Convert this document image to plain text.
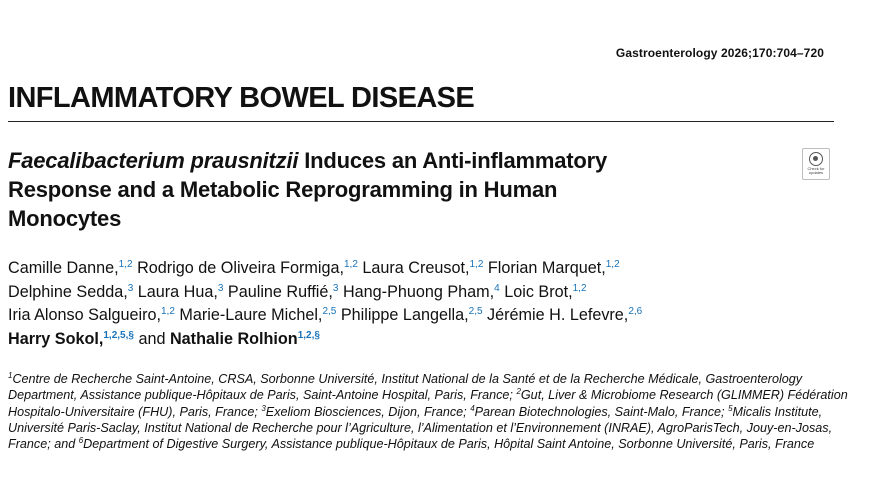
Gastroenterology 2026;170:704–720
INFLAMMATORY BOWEL DISEASE
Faecalibacterium prausnitzii Induces an Anti-inflammatory
Response and a Metabolic Reprogramming in Human
Monocytes
Check for
updates
Camille Danne,$^{1,2}$ Rodrigo de Oliveira Formiga,$^{1,2}$ Laura Creusot,$^{1,2}$ Florian Marquet,$^{1,2}$
Delphine Sedda,$^3$ Laura Hua,$^3$ Pauline Ruffié,$^3$ Hang-Phuong Pham,$^4$ Loic Brot,$^{1,2}$
Iria Alonso Salgueiro,$^{1,2}$ Marie-Laure Michel,$^{2,5}$ Philippe Langella,$^{2,5}$ Jérémie H. Lefevre,$^{2,6}$
Harry Sokol,$^{1,2,5,\S}$ and Nathalie Rolhion$^{1,2,\S}$
$^1$Centre de Recherche Saint-Antoine, CRSA, Sorbonne Université, Institut National de la Santé et de la Recherche Médicale, Gastroenterology Department, Assistance publique-Hôpitaux de Paris, Saint-Antoine Hospital, Paris, France; $^2$Gut, Liver & Microbiome Research (GLIMMER) Fédération Hospitalo-Universitaire (FHU), Paris, France; $^3$Exeliom Biosciences, Dijon, France; $^4$Parean Biotechnologies, Saint-Malo, France; $^5$Micalis Institute, Université Paris-Saclay, Institut National de Recherche pour l’Agriculture, l’Alimentation et l’Environnement (INRAE), AgroParisTech, Jouy-en-Josas, France; and $^6$Department of Digestive Surgery, Assistance publique-Hôpitaux de Paris, Hôpital Saint Antoine, Sorbonne Université, Paris, France
